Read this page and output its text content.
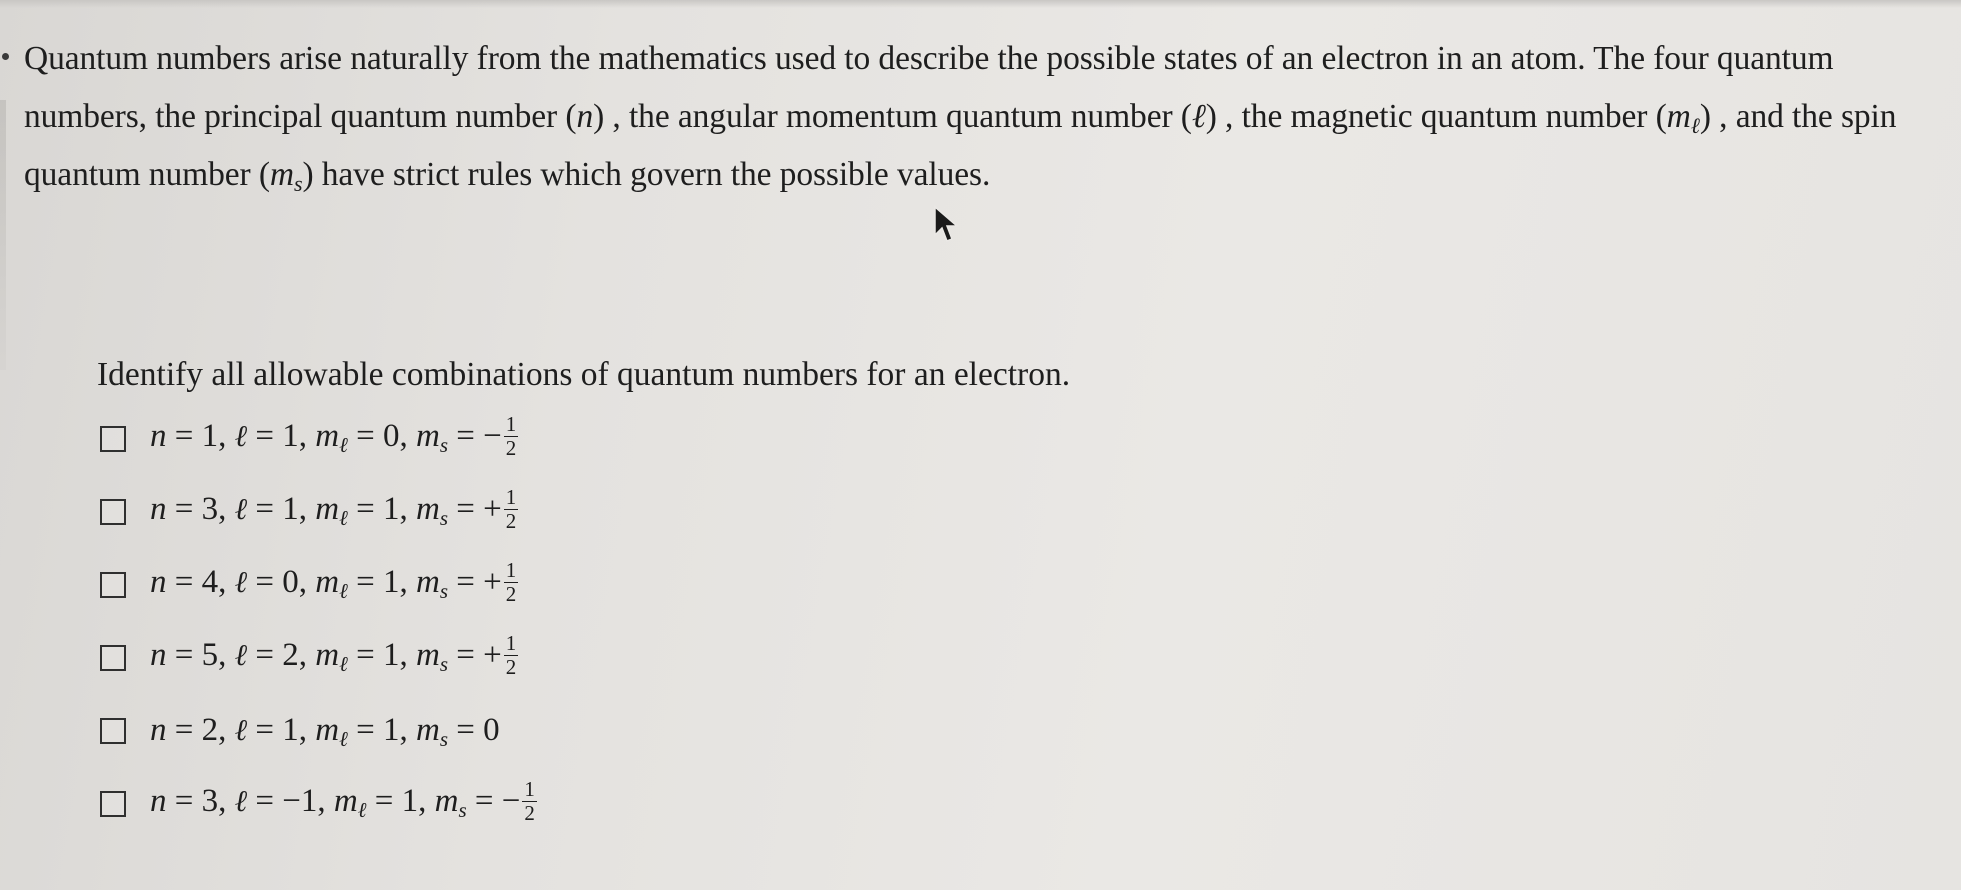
Quantum numbers arise naturally from the mathematics used to describe the possible states of an electron in an atom. The four quantum numbers, the principal quantum number (n) , the angular momentum quantum number (ℓ) , the magnetic quantum number $(m_\ell)$ , and the spin quantum number $(m_s)$ have strict rules which govern the possible values.

Identify all allowable combinations of quantum numbers for an electron.

n = 1, ℓ = 1, $m_\ell = 0$, $m_s$ = − $\frac{1}{2}$
n = 3, ℓ = 1, $m_\ell = 1$, $m_s$ = + $\frac{1}{2}$
n = 4, ℓ = 0, $m_\ell = 1$, $m_s$ = + $\frac{1}{2}$
n = 5, ℓ = 2, $m_\ell = 1$, $m_s$ = + $\frac{1}{2}$
n = 2, ℓ = 1, $m_\ell = 1$, $m_s = 0$
n = 3, ℓ = −1, $m_\ell = 1$, $m_s$ = − $\frac{1}{2}$
